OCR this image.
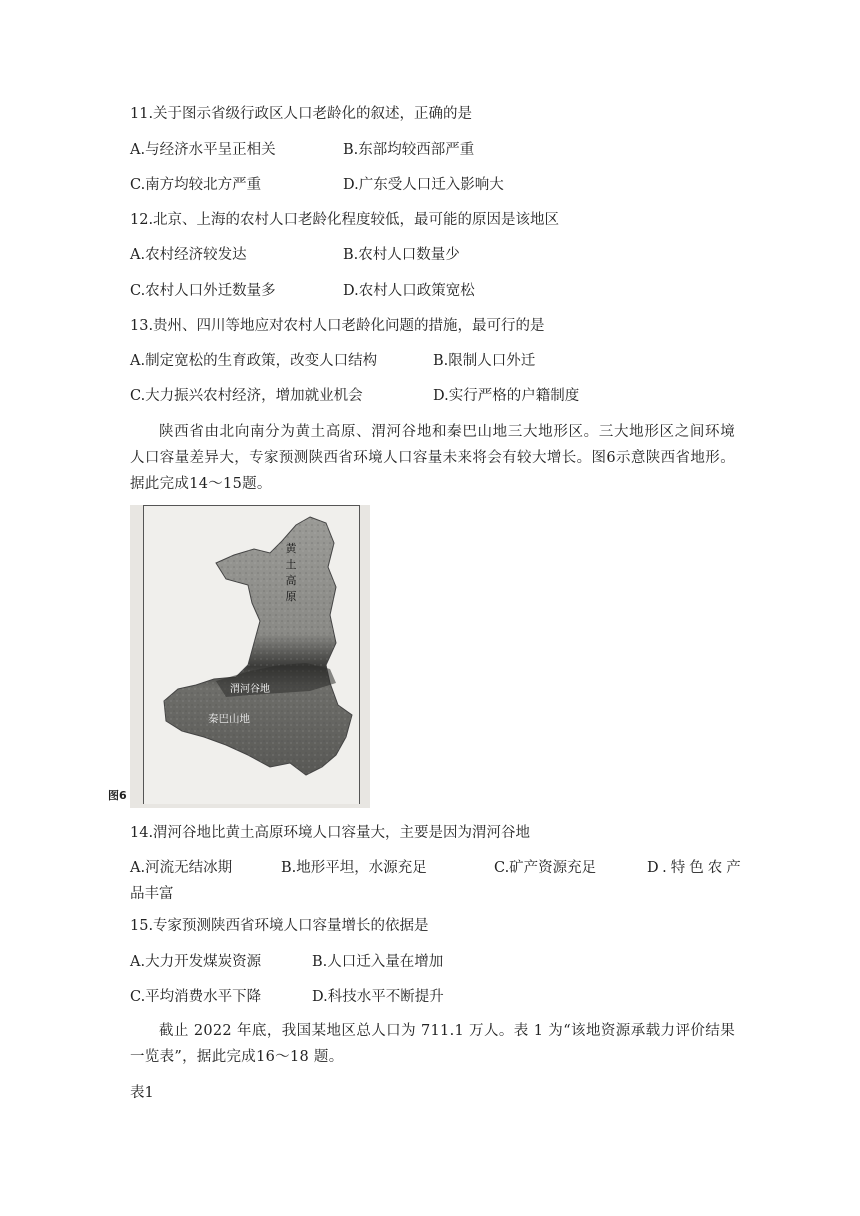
11.关于图示省级行政区人口老龄化的叙述，正确的是
A.与经济水平呈正相关	B.东部均较西部严重
C.南方均较北方严重	D.广东受人口迁入影响大
12.北京、上海的农村人口老龄化程度较低，最可能的原因是该地区
A.农村经济较发达	B.农村人口数量少
C.农村人口外迁数量多	D.农村人口政策宽松
13.贵州、四川等地应对农村人口老龄化问题的措施，最可行的是
A.制定宽松的生育政策，改变人口结构	B.限制人口外迁
C.大力振兴农村经济，增加就业机会	D.实行严格的户籍制度
陕西省由北向南分为黄土高原、渭河谷地和秦巴山地三大地形区。三大地形区之间环境人口容量差异大，专家预测陕西省环境人口容量未来将会有较大增长。图6示意陕西省地形。据此完成14～15题。
黄土高原
渭河谷地
秦巴山地
图6
14.渭河谷地比黄土高原环境人口容量大，主要是因为渭河谷地
A.河流无结冰期	B.地形平坦，水源充足	C.矿产资源充足	D.特色农产
品丰富
15.专家预测陕西省环境人口容量增长的依据是
A.大力开发煤炭资源	B.人口迁入量在增加
C.平均消费水平下降	D.科技水平不断提升
截止 2022 年底，我国某地区总人口为 711.1 万人。表 1 为“该地资源承载力评价结果一览表”，据此完成16～18 题。
表1
